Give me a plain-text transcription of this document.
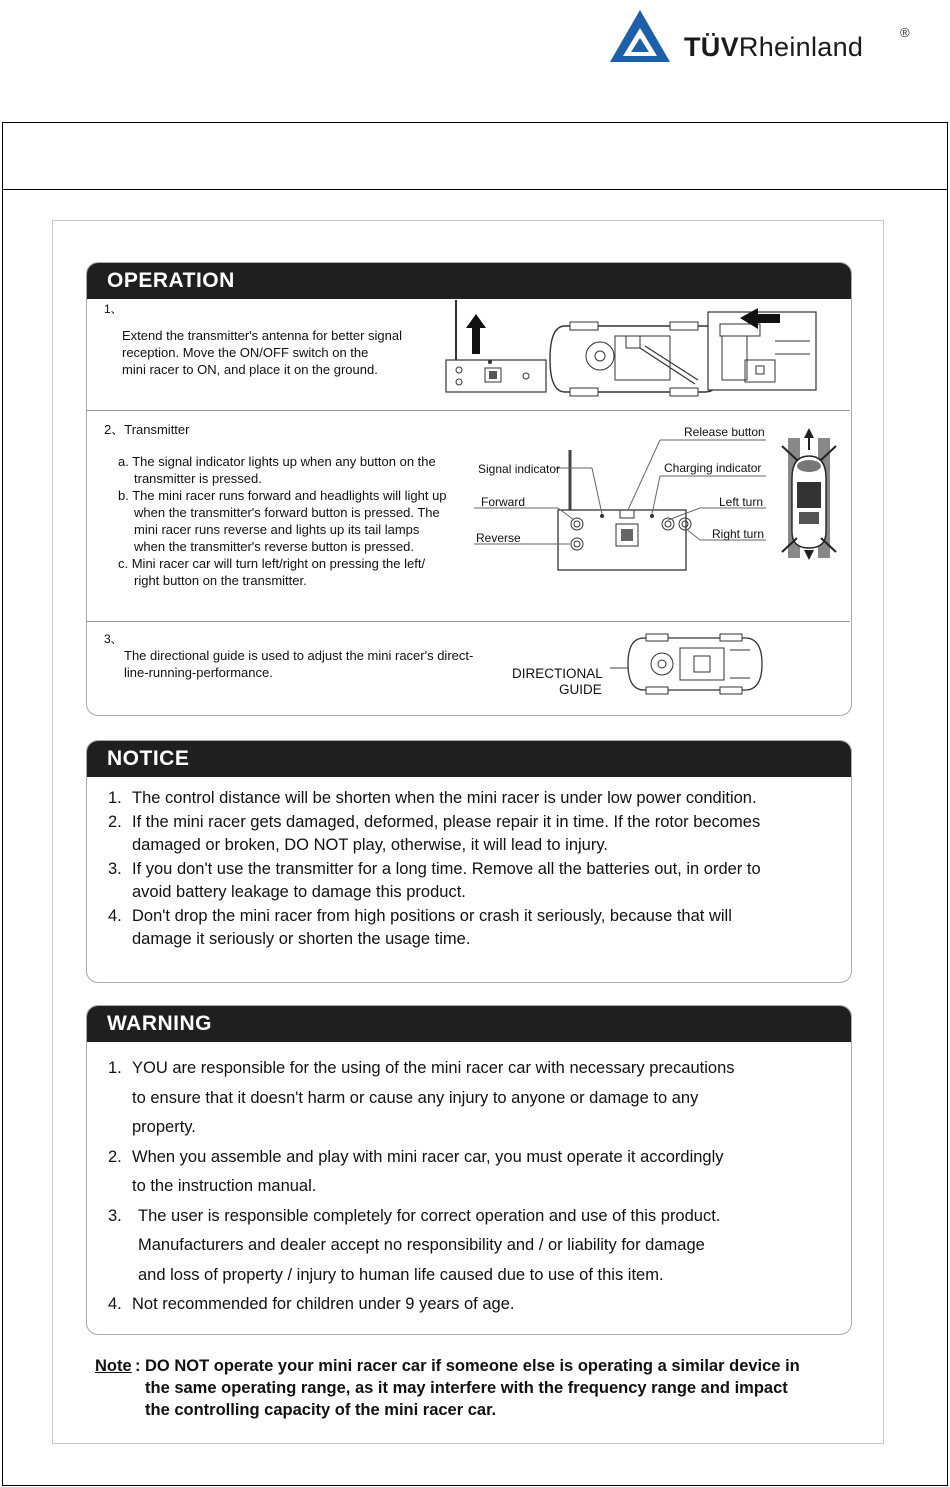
TÜVRheinland	®
OPERATION
1、
Extend the transmitter's antenna for better signal
reception. Move the ON/OFF switch on the
mini racer to ON, and place it on the ground.
2、Transmitter
a. The signal indicator lights up when any button on the
transmitter is pressed.
b. The mini racer runs forward and headlights will light up
when the transmitter's forward button is pressed. The
mini racer runs reverse and lights up its tail lamps
when the transmitter's reverse button is pressed.
c. Mini racer car will turn left/right on pressing the left/
right button on the transmitter.
Signal indicator
Forward
Reverse
Release button
Charging indicator
Left turn
Right turn
3、
The directional guide is used to adjust the mini racer's direct-
line-running-performance.	DIRECTIONAL
GUIDE
NOTICE
1. The control distance will be shorten when the mini racer is under low power condition.
2. If the mini racer gets damaged, deformed, please repair it in time. If the rotor becomes
damaged or broken, DO NOT play, otherwise, it will lead to injury.
3. If you don't use the transmitter for a long time. Remove all the batteries out, in order to
avoid battery leakage to damage this product.
4. Don't drop the mini racer from high positions or crash it seriously, because that will
damage it seriously or shorten the usage time.
WARNING
1. YOU are responsible for the using of the mini racer car with necessary precautions
to ensure that it doesn't harm or cause any injury to anyone or damage to any
property.
2. When you assemble and play with mini racer car, you must operate it accordingly
to the instruction manual.
3. The user is responsible completely for correct operation and use of this product.
Manufacturers and dealer accept no responsibility and / or liability for damage
and loss of property / injury to human life caused due to use of this item.
4. Not recommended for children under 9 years of age.
Note : DO NOT operate your mini racer car if someone else is operating a similar device in
the same operating range, as it may interfere with the frequency range and impact
the controlling capacity of the mini racer car.
